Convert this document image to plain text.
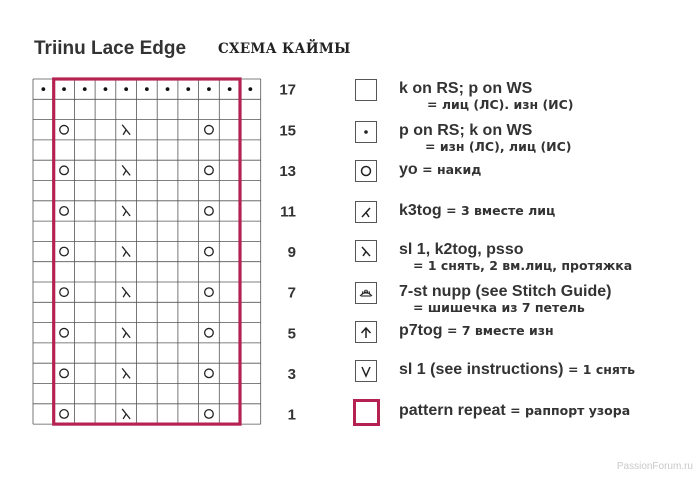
Triinu Lace Edge СХЕМА КАЙМЫ
17
15
13
11
9
7
5
3
1
k on RS; p on WS
= лиц (ЛС). изн (ИС)
p on RS; k on WS
= изн (ЛС), лиц (ИС)
yo = накид
k3tog = 3 вместе лиц
sl 1, k2tog, psso
= 1 снять, 2 вм.лиц, протяжка
7-st nupp (see Stitch Guide)
= шишечка из 7 петель
p7tog = 7 вместе изн
sl 1 (see instructions) = 1 снять
pattern repeat = раппорт узора
PassionForum.ru
